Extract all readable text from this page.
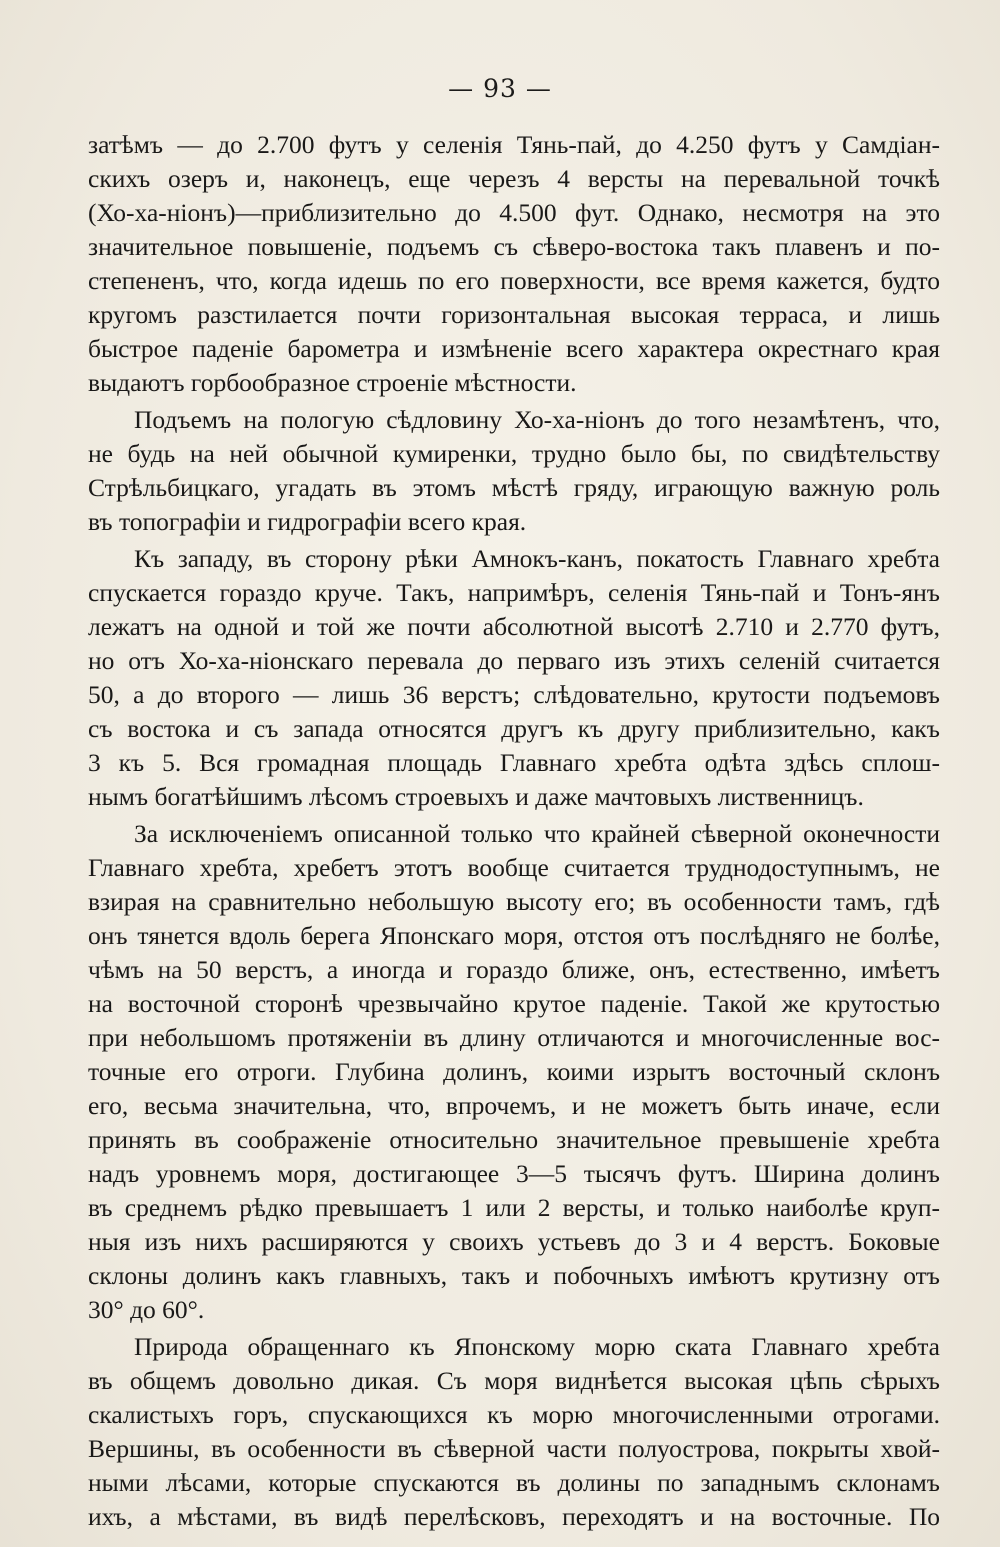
— 93 —
затѣмъ — до 2.700 футъ у селенія Тянь-пай, до 4.250 футъ у Самдіан-
скихъ озеръ и, наконецъ, еще черезъ 4 версты на перевальной точкѣ
(Хо-ха-ніонъ)—приблизительно до 4.500 фут. Однако, несмотря на это
значительное повышеніе, подъемъ съ сѣверо-востока такъ плавенъ и по-
степененъ, что, когда идешь по его поверхности, все время кажется, будто
кругомъ разстилается почти горизонтальная высокая терраса, и лишь
быстрое паденіе барометра и измѣненіе всего характера окрестнаго края
выдаютъ горбообразное строеніе мѣстности.
Подъемъ на пологую сѣдловину Хо-ха-ніонъ до того незамѣтенъ, что,
не будь на ней обычной кумиренки, трудно было бы, по свидѣтельству
Стрѣльбицкаго, угадать въ этомъ мѣстѣ гряду, играющую важную роль
въ топографіи и гидрографіи всего края.
Къ западу, въ сторону рѣки Амнокъ-канъ, покатость Главнаго хребта
спускается гораздо круче. Такъ, напримѣръ, селенія Тянь-пай и Тонъ-янъ
лежатъ на одной и той же почти абсолютной высотѣ 2.710 и 2.770 футъ,
но отъ Хо-ха-ніонскаго перевала до перваго изъ этихъ селеній считается
50, а до второго — лишь 36 верстъ; слѣдовательно, крутости подъемовъ
съ востока и съ запада относятся другъ къ другу приблизительно, какъ
3 къ 5. Вся громадная площадь Главнаго хребта одѣта здѣсь сплош-
нымъ богатѣйшимъ лѣсомъ строевыхъ и даже мачтовыхъ лиственницъ.
За исключеніемъ описанной только что крайней сѣверной оконечности
Главнаго хребта, хребетъ этотъ вообще считается труднодоступнымъ, не
взирая на сравнительно небольшую высоту его; въ особенности тамъ, гдѣ
онъ тянется вдоль берега Японскаго моря, отстоя отъ послѣдняго не болѣе,
чѣмъ на 50 верстъ, а иногда и гораздо ближе, онъ, естественно, имѣетъ
на восточной сторонѣ чрезвычайно крутое паденіе. Такой же крутостью
при небольшомъ протяженіи въ длину отличаются и многочисленные вос-
точные его отроги. Глубина долинъ, коими изрытъ восточный склонъ
его, весьма значительна, что, впрочемъ, и не можетъ быть иначе, если
принять въ соображеніе относительно значительное превышеніе хребта
надъ уровнемъ моря, достигающее 3—5 тысячъ футъ. Ширина долинъ
въ среднемъ рѣдко превышаетъ 1 или 2 версты, и только наиболѣе круп-
ныя изъ нихъ расширяются у своихъ устьевъ до 3 и 4 верстъ. Боковые
склоны долинъ какъ главныхъ, такъ и побочныхъ имѣютъ крутизну отъ
30° до 60°.
Природа обращеннаго къ Японскому морю ската Главнаго хребта
въ общемъ довольно дикая. Съ моря виднѣется высокая цѣпь сѣрыхъ
скалистыхъ горъ, спускающихся къ морю многочисленными отрогами.
Вершины, въ особенности въ сѣверной части полуострова, покрыты хвой-
ными лѣсами, которые спускаются въ долины по западнымъ склонамъ
ихъ, а мѣстами, въ видѣ перелѣсковъ, переходятъ и на восточные. По
